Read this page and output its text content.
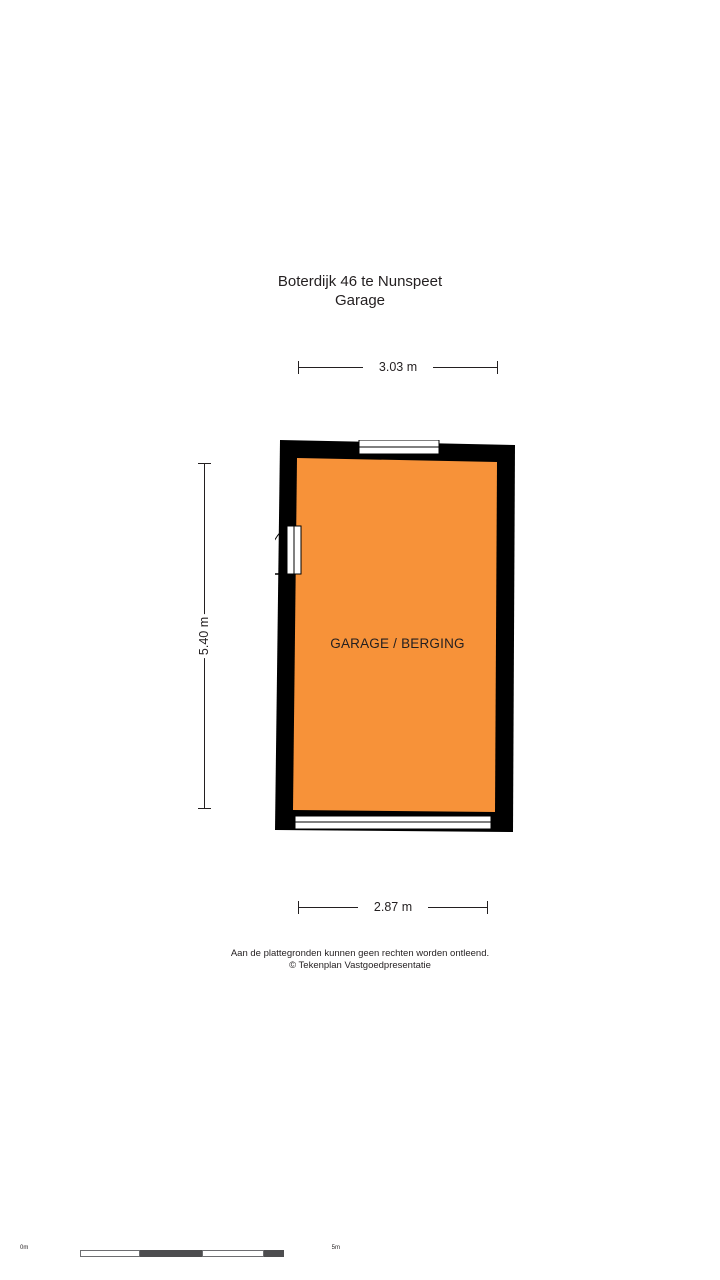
Boterdijk 46 te Nunspeet
Garage
3.03 m
5.40 m
2.87 m
GARAGE / BERGING
Aan de plattegronden kunnen geen rechten worden ontleend.
© Tekenplan Vastgoedpresentatie
0m	5m
